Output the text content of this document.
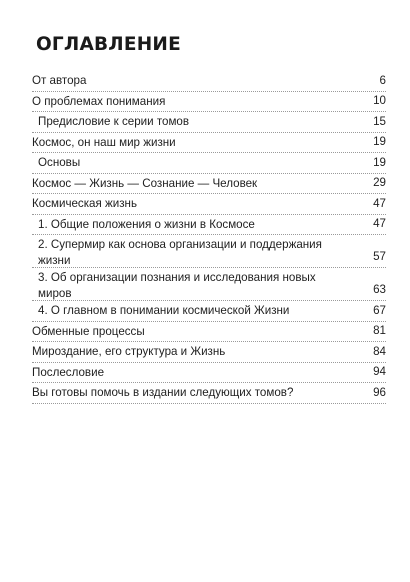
ОГЛАВЛЕНИЕ
От автора	6
О проблемах понимания	10
Предисловие к серии томов	15
Космос, он наш мир жизни	19
Основы	19
Космос — Жизнь — Сознание — Человек	29
Космическая жизнь	47
1. Общие положения о жизни в Космосе	47
2. Супермир как основа организации и поддержания жизни	57
3. Об организации познания и исследования новых миров	63
4. О главном в понимании космической Жизни	67
Обменные процессы	81
Мироздание, его структура и Жизнь	84
Послесловие	94
Вы готовы помочь в издании следующих томов?	96
